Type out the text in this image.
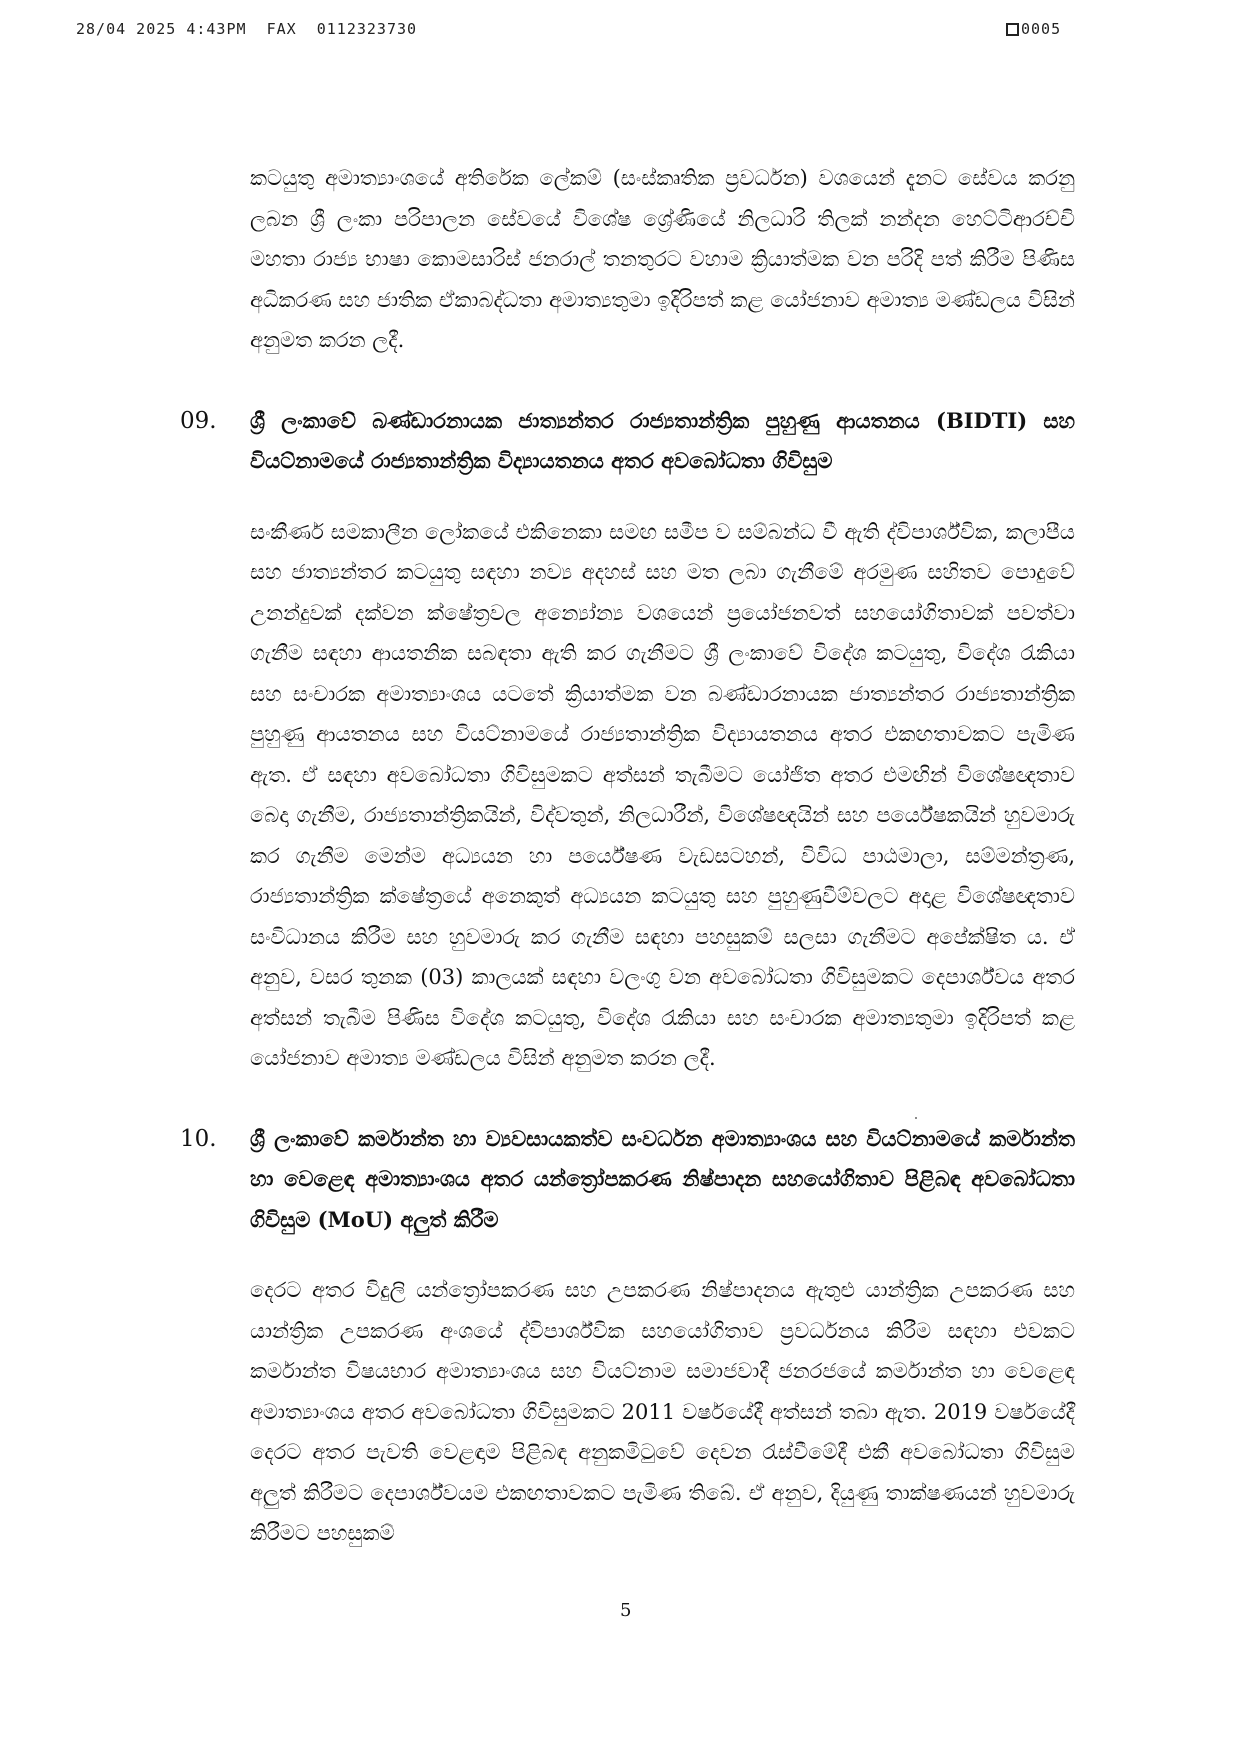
28/04 2025 4:43PM  FAX  0112323730	0005

කටයුතු අමාත්‍යාංශයේ අතිරේක ලේකම් (සංස්කෘතික ප්‍රවර්ධන) වශයෙන් දැනට සේවය කරනු ලබන ශ්‍රී ලංකා පරිපාලන සේවයේ විශේෂ ශ්‍රේණියේ නිලධාරි තිලක් නන්දන හෙට්ටිආරච්චි මහතා රාජ්‍ය භාෂා කොමසාරිස් ජනරාල් තනතුරට වහාම ක්‍රියාත්මක වන පරිදි පත් කිරීම පිණිස අධිකරණ සහ ජාතික ඒකාබද්ධතා අමාත්‍යතුමා ඉදිරිපත් කළ යෝජනාව අමාත්‍ය මණ්ඩලය විසින් අනුමත කරන ලදී.

09. ශ්‍රී ලංකාවේ බණ්ඩාරනායක ජාත්‍යන්තර රාජ්‍යතාන්ත්‍රික පුහුණු ආයතනය (BIDTI) සහ වියට්නාමයේ රාජ්‍යතාන්ත්‍රික විද්‍යායතනය අතර අවබෝධතා ගිවිසුම

සංකීර්ණ සමකාලීන ලෝකයේ එකිනෙකා සමඟ සමීප ව සම්බන්ධ වී ඇති ද්විපාර්ශ්වික, කලාපීය සහ ජාත්‍යන්තර කටයුතු සඳහා නව්‍ය අදහස් සහ මත ලබා ගැනීමේ අරමුණ සහිතව පොදුවේ උනන්දුවක් දක්වන ක්ෂේත්‍රවල අන්‍යෝන්‍ය වශයෙන් ප්‍රයෝජනවත් සහයෝගිතාවක් පවත්වා ගැනීම සඳහා ආයතනික සබඳතා ඇති කර ගැනීමට ශ්‍රී ලංකාවේ විදේශ කටයුතු, විදේශ රැකියා සහ සංචාරක අමාත්‍යාංශය යටතේ ක්‍රියාත්මක වන බණ්ඩාරනායක ජාත්‍යන්තර රාජ්‍යතාන්ත්‍රික පුහුණු ආයතනය සහ වියට්නාමයේ රාජ්‍යතාන්ත්‍රික විද්‍යායතනය අතර එකඟතාවකට පැමිණ ඇත. ඒ සඳහා අවබෝධතා ගිවිසුමකට අත්සන් තැබීමට යෝජිත අතර එමඟින් විශේෂඥතාව බෙදා ගැනීම, රාජ්‍යතාන්ත්‍රිකයින්, විද්වතුන්, නිලධාරීන්, විශේෂඥයින් සහ පර්යේෂකයින් හුවමාරු කර ගැනීම මෙන්ම අධ්‍යයන හා පර්යේෂණ වැඩසටහන්, විවිධ පාඨමාලා, සම්මන්ත්‍රණ, රාජ්‍යතාන්ත්‍රික ක්ෂේත්‍රයේ අනෙකුත් අධ්‍යයන කටයුතු සහ පුහුණුවීම්වලට අදාළ විශේෂඥතාව සංවිධානය කිරීම සහ හුවමාරු කර ගැනීම සඳහා පහසුකම් සලසා ගැනීමට අපේක්ෂිත ය. ඒ අනුව, වසර තුනක (03) කාලයක් සඳහා වලංගු වන අවබෝධතා ගිවිසුමකට දෙපාර්ශ්වය අතර අත්සන් තැබීම පිණිස විදේශ කටයුතු, විදේශ රැකියා සහ සංචාරක අමාත්‍යතුමා ඉදිරිපත් කළ යෝජනාව අමාත්‍ය මණ්ඩලය විසින් අනුමත කරන ලදී.

10. ශ්‍රී ලංකාවේ කර්මාන්ත හා ව්‍යවසායකත්ව සංවර්ධන අමාත්‍යාංශය සහ වියට්නාමයේ කර්මාන්ත හා වෙළෙඳ අමාත්‍යාංශය අතර යන්ත්‍රෝපකරණ නිෂ්පාදන සහයෝගිතාව පිළිබඳ අවබෝධතා ගිවිසුම (MoU) අලුත් කිරීම

දෙරට අතර විදුලි යන්ත්‍රෝපකරණ සහ උපකරණ නිෂ්පාදනය ඇතුළු යාන්ත්‍රික උපකරණ සහ යාන්ත්‍රික උපකරණ අංශයේ ද්විපාර්ශ්වික සහයෝගිතාව ප්‍රවර්ධනය කිරීම සඳහා එවකට කර්මාන්ත විෂයභාර අමාත්‍යාංශය සහ වියට්නාම සමාජවාදී ජනරජයේ කර්මාන්ත හා වෙළෙඳ අමාත්‍යාංශය අතර අවබෝධතා ගිවිසුමකට 2011 වර්ෂයේදී අත්සන් තබා ඇත. 2019 වර්ෂයේදී දෙරට අතර පැවති වෙළඳාම පිළිබඳ අනුකමිටුවේ දෙවන රැස්වීමේදී එකී අවබෝධතා ගිවිසුම අලුත් කිරීමට දෙපාර්ශ්වයම එකඟතාවකට පැමිණ තිබේ. ඒ අනුව, දියුණු තාක්ෂණයන් හුවමාරු කිරීමට පහසුකම්

5
